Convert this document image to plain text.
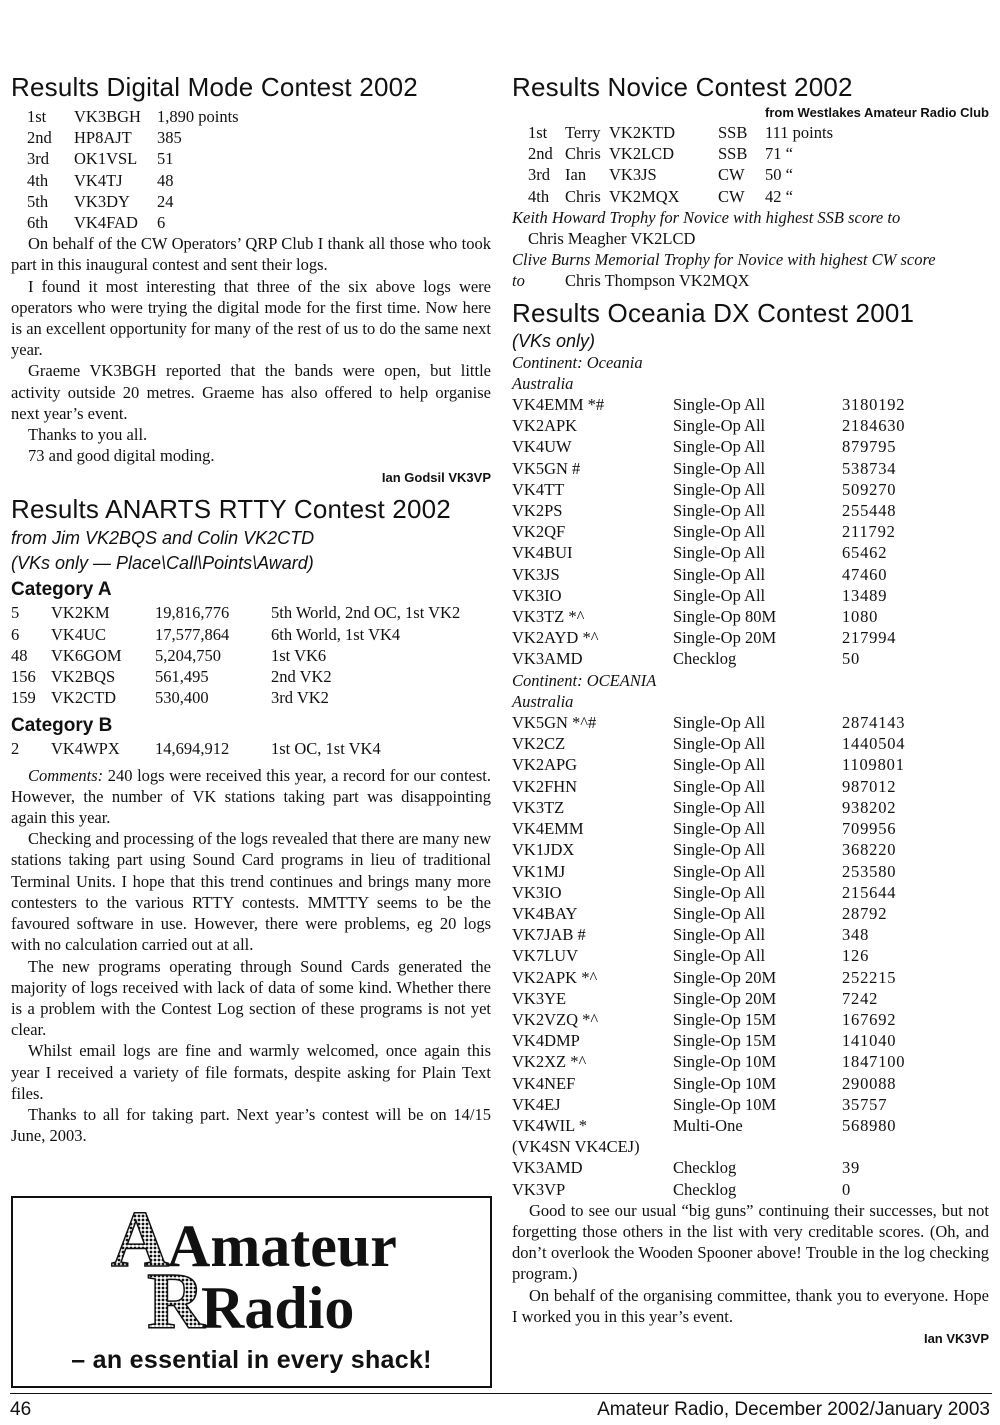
Results Digital Mode Contest 2002
1st	VK3BGH 1,890 points
2nd	HP8AJT	385
3rd	OK1VSL	51
4th	VK4TJ	48
5th	VK3DY	24
6th	VK4FAD	6

On behalf of the CW Operators’ QRP Club I thank all those who took part in this inaugural contest and sent their logs.

I found it most interesting that three of the six above logs were operators who were trying the digital mode for the first time. Now here is an excellent opportunity for many of the rest of us to do the same next year.

Graeme VK3BGH reported that the bands were open, but little activity outside 20 metres. Graeme has also offered to help organise next year’s event.

Thanks to you all.

73 and good digital moding.

Ian Godsil VK3VP
Results ANARTS RTTY Contest 2002
from Jim VK2BQS and Colin VK2CTD
(VKs only — Place\Call\Points\Award)
Category A
5	VK2KM	19,816,776	5th World, 2nd OC, 1st VK2
6	VK4UC	17,577,864	6th World, 1st VK4
48	VK6GOM	5,204,750	1st VK6
156 VK2BQS	561,495	2nd VK2
159 VK2CTD	530,400	3rd VK2
Category B
2	VK4WPX	14,694,912	1st OC, 1st VK4

Comments: 240 logs were received this year, a record for our contest. However, the number of VK stations taking part was disappointing again this year.

Checking and processing of the logs revealed that there are many new stations taking part using Sound Card programs in lieu of traditional Terminal Units. I hope that this trend continues and brings many more contesters to the various RTTY contests. MMTTY seems to be the favoured software in use. However, there were problems, eg 20 logs with no calculation carried out at all.

The new programs operating through Sound Cards generated the majority of logs received with lack of data of some kind. Whether there is a problem with the Contest Log section of these programs is not yet clear.

Whilst email logs are fine and warmly welcomed, once again this year I received a variety of file formats, despite asking for Plain Text files.

Thanks to all for taking part. Next year’s contest will be on 14/15 June, 2003.

A
Amateur
R
Radio
– an essential in every shack!
Results Novice Contest 2002
from Westlakes Amateur Radio Club
1st	Terry VK2KTD	SSB	111 points
2nd Chris VK2LCD	SSB	71 “
3rd Ian	VK3JS	CW	50 “
4th Chris VK2MQX	CW	42 “
Keith Howard Trophy for Novice with highest SSB score to
Chris Meagher VK2LCD
Clive Burns Memorial Trophy for Novice with highest CW score
to	Chris Thompson VK2MQX
Results Oceania DX Contest 2001
(VKs only)
Continent: Oceania
Australia
VK4EMM *#	Single-Op All	3180192
VK2APK	Single-Op All	2184630
VK4UW	Single-Op All	879795
VK5GN #	Single-Op All	538734
VK4TT	Single-Op All	509270
VK2PS	Single-Op All	255448
VK2QF	Single-Op All	211792
VK4BUI	Single-Op All	65462
VK3JS	Single-Op All	47460
VK3IO	Single-Op All	13489
VK3TZ *^	Single-Op 80M	1080
VK2AYD *^	Single-Op 20M	217994
VK3AMD	Checklog	50
Continent: OCEANIA
Australia
VK5GN *^#	Single-Op All	2874143
VK2CZ	Single-Op All	1440504
VK2APG	Single-Op All	1109801
VK2FHN	Single-Op All	987012
VK3TZ	Single-Op All	938202
VK4EMM	Single-Op All	709956
VK1JDX	Single-Op All	368220
VK1MJ	Single-Op All	253580
VK3IO	Single-Op All	215644
VK4BAY	Single-Op All	28792
VK7JAB #	Single-Op All	348
VK7LUV	Single-Op All	126
VK2APK *^	Single-Op 20M	252215
VK3YE	Single-Op 20M	7242
VK2VZQ *^	Single-Op 15M	167692
VK4DMP	Single-Op 15M	141040
VK2XZ *^	Single-Op 10M	1847100
VK4NEF	Single-Op 10M	290088
VK4EJ	Single-Op 10M	35757
VK4WIL *	Multi-One	568980
(VK4SN VK4CEJ)
VK3AMD	Checklog	39
VK3VP	Checklog	0

Good to see our usual “big guns” continuing their successes, but not forgetting those others in the list with very creditable scores. (Oh, and don’t overlook the Wooden Spooner above! Trouble in the log checking program.)

On behalf of the organising committee, thank you to everyone. Hope I worked you in this year’s event.

Ian VK3VP
46	Amateur Radio, December 2002/January 2003
